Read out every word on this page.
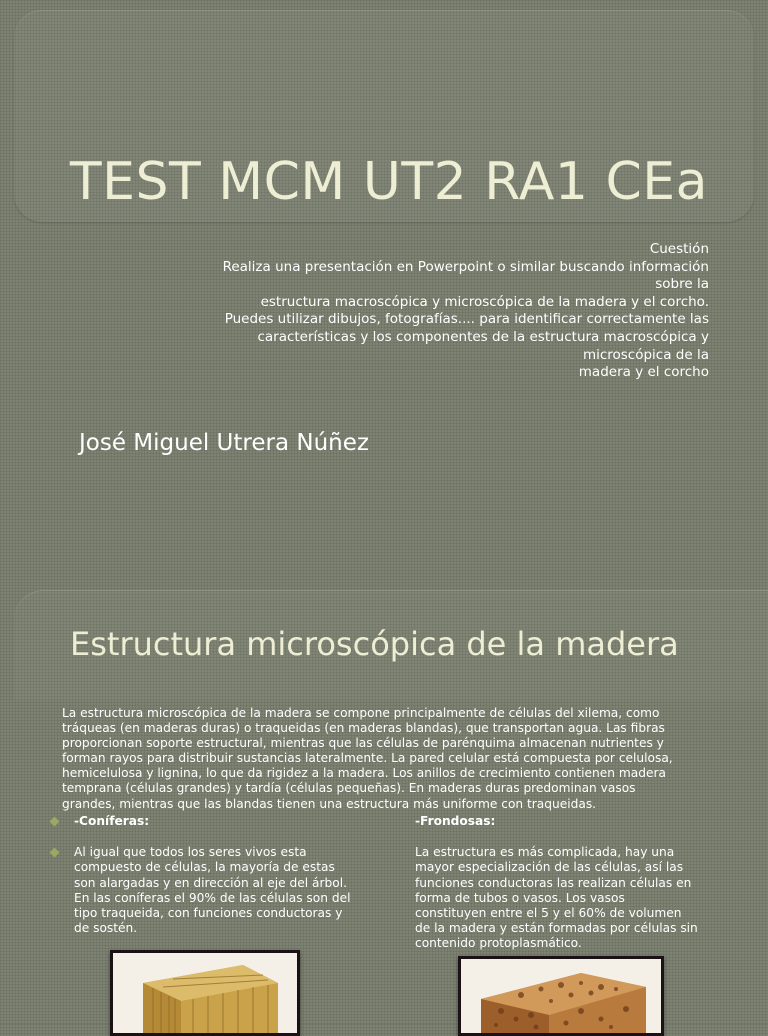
TEST MCM UT2 RA1 CEa
Cuestión
Realiza una presentación en Powerpoint o similar buscando información
sobre la
estructura macroscópica y microscópica de la madera y el corcho.
Puedes utilizar dibujos, fotografías.... para identificar correctamente las
características y los componentes de la estructura macroscópica y
microscópica de la
madera y el corcho
José Miguel Utrera Núñez
Estructura microscópica de la madera
La estructura microscópica de la madera se compone principalmente de células del xilema, como
tráqueas (en maderas duras) o traqueidas (en maderas blandas), que transportan agua. Las fibras
proporcionan soporte estructural, mientras que las células de parénquima almacenan nutrientes y
forman rayos para distribuir sustancias lateralmente. La pared celular está compuesta por celulosa,
hemicelulosa y lignina, lo que da rigidez a la madera. Los anillos de crecimiento contienen madera
temprana (células grandes) y tardía (células pequeñas). En maderas duras predominan vasos
grandes, mientras que las blandas tienen una estructura más uniforme con traqueidas.
-Coníferas:
Al igual que todos los seres vivos esta
compuesto de células, la mayoría de estas
son alargadas y en dirección al eje del árbol.
En las coníferas el 90% de las células son del
tipo traqueida, con funciones conductoras y
de sostén.
-Frondosas:
La estructura es más complicada, hay una
mayor especialización de las células, así las
funciones conductoras las realizan células en
forma de tubos o vasos. Los vasos
constituyen entre el 5 y el 60% de volumen
de la madera y están formadas por células sin
contenido protoplasmático.
